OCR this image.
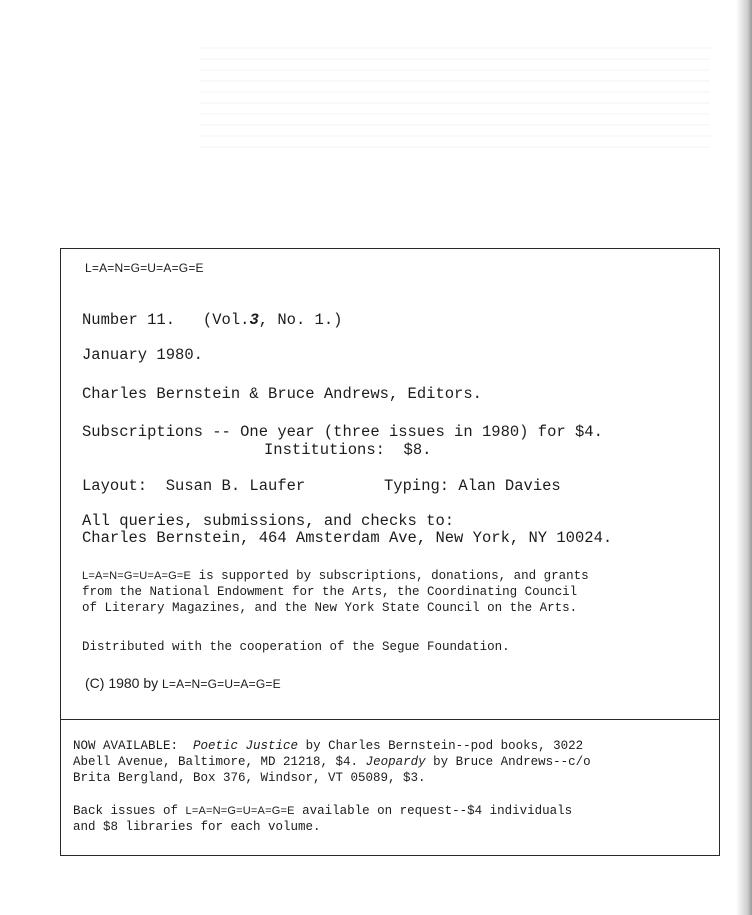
L=A=N=G=U=A=G=E
Number 11. (Vol.3, No. 1.)
January 1980.
Charles Bernstein & Bruce Andrews, Editors.
Subscriptions -- One year (three issues in 1980) for $4.
Institutions:  $8.
Layout:  Susan B. Laufer	Typing: Alan Davies
All queries, submissions, and checks to:
Charles Bernstein, 464 Amsterdam Ave, New York, NY 10024.
L=A=N=G=U=A=G=E is supported by subscriptions, donations, and grants
from the National Endowment for the Arts, the Coordinating Council
of Literary Magazines, and the New York State Council on the Arts.
Distributed with the cooperation of the Segue Foundation.
(C) 1980 by L=A=N=G=U=A=G=E
NOW AVAILABLE:  Poetic Justice by Charles Bernstein--pod books, 3022
Abell Avenue, Baltimore, MD 21218, $4. Jeopardy by Bruce Andrews--c/o
Brita Bergland, Box 376, Windsor, VT 05089, $3.
Back issues of L=A=N=G=U=A=G=E available on request--$4 individuals
and $8 libraries for each volume.
